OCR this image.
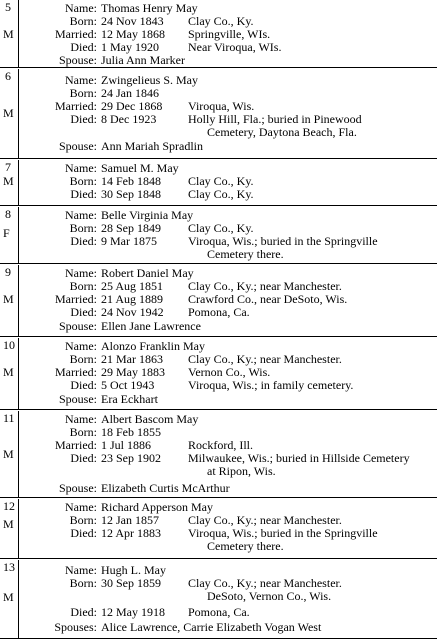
5
M
Name: Thomas Henry May
Born: 24 Nov 1843 Clay Co., Ky.
Married: 12 May 1868 Springville, WIs.
Died: 1 May 1920 Near Viroqua, WIs.
Spouse: Julia Ann Marker
6
M
Name: Zwingelieus S. May
Born: 24 Jan 1846
Married: 29 Dec 1868 Viroqua, Wis.
Died: 8 Dec 1923	Holly Hill, Fla.; buried in Pinewood
Cemetery, Daytona Beach, Fla.
Spouse: Ann Mariah Spradlin
7
M
Name: Samuel M. May
Born: 14 Feb 1848 Clay Co., Ky.
Died: 30 Sep 1848 Clay Co., Ky.
8
F
Name: Belle Virginia May
Born: 28 Sep 1849 Clay Co., Ky.
Died: 9 Mar 1875	Viroqua, Wis.; buried in the Springville
Cemetery there.
9
M
Name: Robert Daniel May
Born: 25 Aug 1851 Clay Co., Ky.; near Manchester.
Married: 21 Aug 1889 Crawford Co., near DeSoto, Wis.
Died: 24 Nov 1942 Pomona, Ca.
Spouse: Ellen Jane Lawrence
10
M
Name: Alonzo Franklin May
Born: 21 Mar 1863 Clay Co., Ky.; near Manchester.
Married: 29 May 1883 Vernon Co., Wis.
Died: 5 Oct 1943	Viroqua, Wis.; in family cemetery.
Spouse: Era Eckhart
11
M
Name: Albert Bascom May
Born: 18 Feb 1855
Married: 1 Jul 1886	Rockford, Ill.
Died: 23 Sep 1902 Milwaukee, Wis.; buried in Hillside Cemetery
at Ripon, Wis.
Spouse: Elizabeth Curtis McArthur
12
M
Name: Richard Apperson May
Born: 12 Jan 1857 Clay Co., Ky.; near Manchester.
Died: 12 Apr 1883 Viroqua, Wis.; buried in the Springville
Cemetery there.
13
M
Name: Hugh L. May
Born: 30 Sep 1859 Clay Co., Ky.; near Manchester.
DeSoto, Vernon Co., Wis.
Died: 12 May 1918 Pomona, Ca.
Spouses: Alice Lawrence, Carrie Elizabeth Vogan West
